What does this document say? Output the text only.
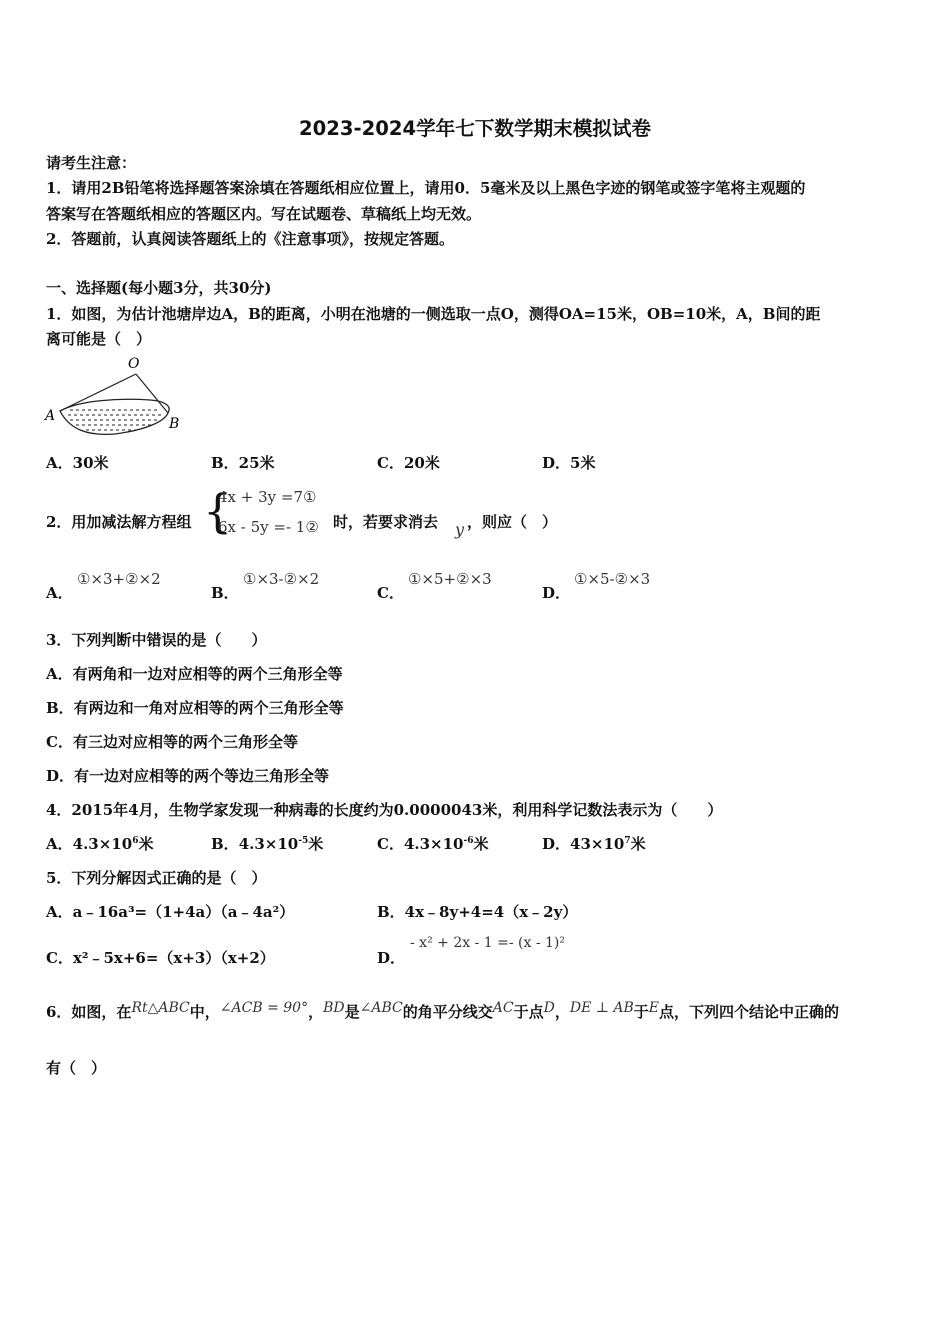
2023-2024学年七下数学期末模拟试卷
请考生注意：
1．请用2B铅笔将选择题答案涂填在答题纸相应位置上，请用0．5毫米及以上黑色字迹的钢笔或签字笔将主观题的
答案写在答题纸相应的答题区内。写在试题卷、草稿纸上均无效。
2．答题前，认真阅读答题纸上的《注意事项》，按规定答题。
一、选择题(每小题3分，共30分)
1．如图，为估计池塘岸边A，B的距离，小明在池塘的一侧选取一点O，测得OA=15米，OB=10米，A，B间的距
离可能是（　）
O
A	B
A．30米	B．25米	C．20米	D．5米
2．用加减法解方程组 {
4x + 3y =7①
6x - 5y =- 1② 时，若要求消去 y ，则应（　）
A．
①×3+②×2
B．
①×3-②×2
C．
①×5+②×3
D．
①×5-②×3
3．下列判断中错误的是（　　）
A．有两角和一边对应相等的两个三角形全等
B．有两边和一角对应相等的两个三角形全等
C．有三边对应相等的两个三角形全等
D．有一边对应相等的两个等边三角形全等
4．2015年4月，生物学家发现一种病毒的长度约为0.0000043米，利用科学记数法表示为（　　）
A．$4.3\times 10^6$米	B．$4.3\times 10^{-5}$米	C．$4.3\times 10^{-6}$米	D．$43\times 10^7$米
5．下列分解因式正确的是（　）
A．a﹣16a³=（1+4a）（a﹣4a²）	B．4x﹣8y+4=4（x﹣2y）
C．x²﹣5x+6=（x+3）（x+2）	D．
- x² + 2x - 1 =- (x - 1)²
6．如图，在Rt△ABC中，∠ACB = 90°，BD是∠ABC的角平分线交AC于点D，DE ⊥ AB于E点，下列四个结论中正确的
有（　）
